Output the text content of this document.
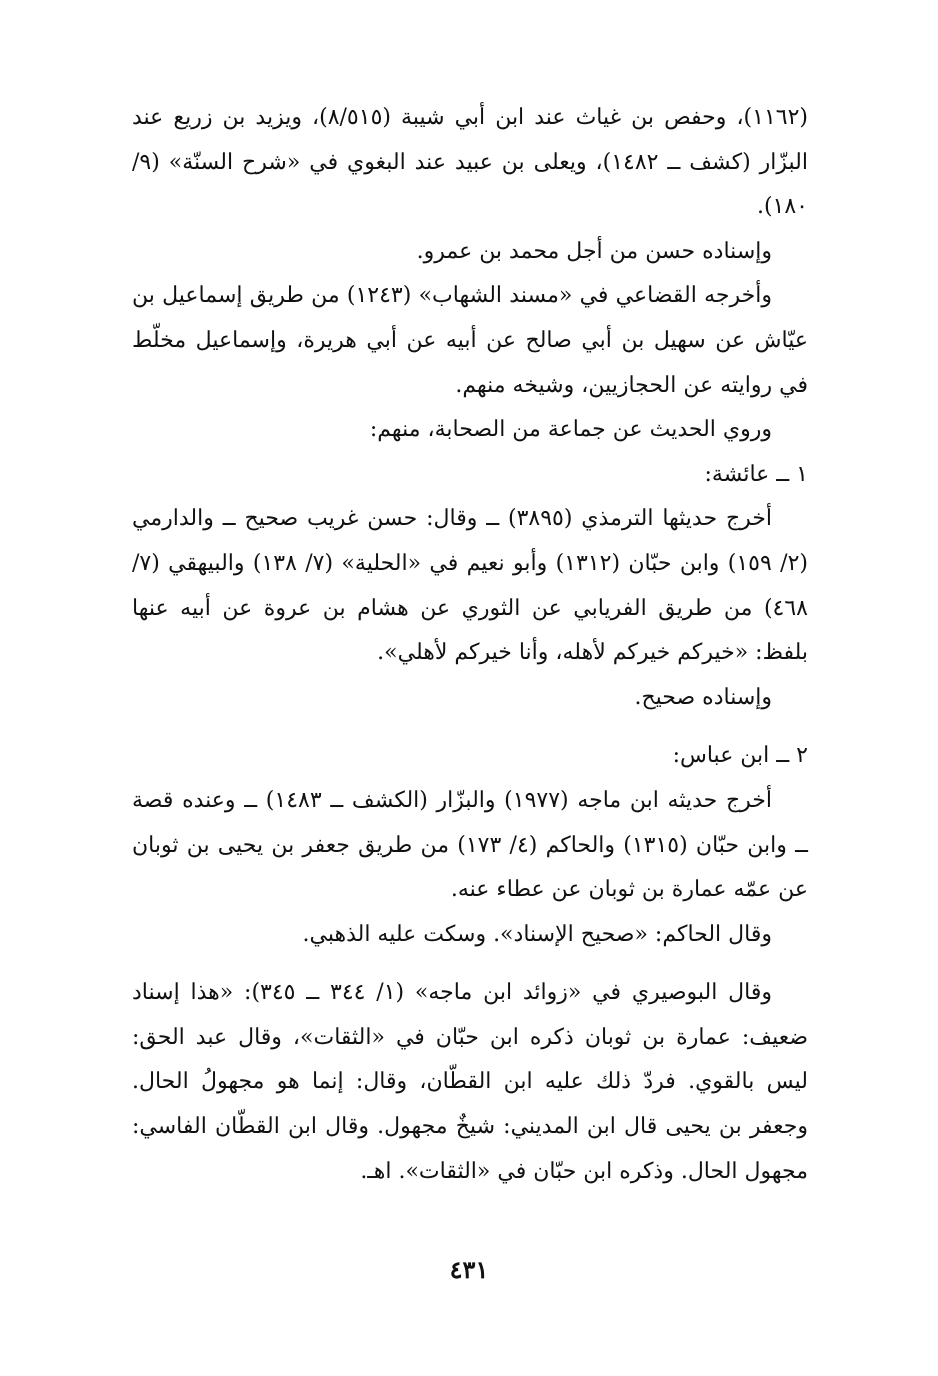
(١١٦٢)، وحفص بن غياث عند ابن أبي شيبة (٨/٥١٥)، ويزيد بن زريع عند البزّار (كشف ــ ١٤٨٢)، ويعلى بن عبيد عند البغوي في «شرح السنّة» (٩/ ١٨٠).

وإسناده حسن من أجل محمد بن عمرو.

وأخرجه القضاعي في «مسند الشهاب» (١٢٤٣) من طريق إسماعيل بن عيّاش عن سهيل بن أبي صالح عن أبيه عن أبي هريرة، وإسماعيل مخلّط في روايته عن الحجازيين، وشيخه منهم.

وروي الحديث عن جماعة من الصحابة، منهم:

١ ــ عائشة:

أخرج حديثها الترمذي (٣٨٩٥) ــ وقال: حسن غريب صحيح ــ والدارمي (٢/ ١٥٩) وابن حبّان (١٣١٢) وأبو نعيم في «الحلية» (٧/ ١٣٨) والبيهقي (٧/ ٤٦٨) من طريق الفريابي عن الثوري عن هشام بن عروة عن أبيه عنها بلفظ: «خيركم خيركم لأهله، وأنا خيركم لأهلي».

وإسناده صحيح.

٢ ــ ابن عباس:

أخرج حديثه ابن ماجه (١٩٧٧) والبزّار (الكشف ــ ١٤٨٣) ــ وعنده قصة ــ وابن حبّان (١٣١٥) والحاكم (٤/ ١٧٣) من طريق جعفر بن يحيى بن ثوبان عن عمّه عمارة بن ثوبان عن عطاء عنه.

وقال الحاكم: «صحيح الإسناد». وسكت عليه الذهبي.

وقال البوصيري في «زوائد ابن ماجه» (١/ ٣٤٤ ــ ٣٤٥): «هذا إسناد ضعيف: عمارة بن ثوبان ذكره ابن حبّان في «الثقات»، وقال عبد الحق: ليس بالقوي. فردّ ذلك عليه ابن القطّان، وقال: إنما هو مجهولُ الحال. وجعفر بن يحيى قال ابن المديني: شيخٌ مجهول. وقال ابن القطّان الفاسي: مجهول الحال. وذكره ابن حبّان في «الثقات». اهـ.

٤٣١
